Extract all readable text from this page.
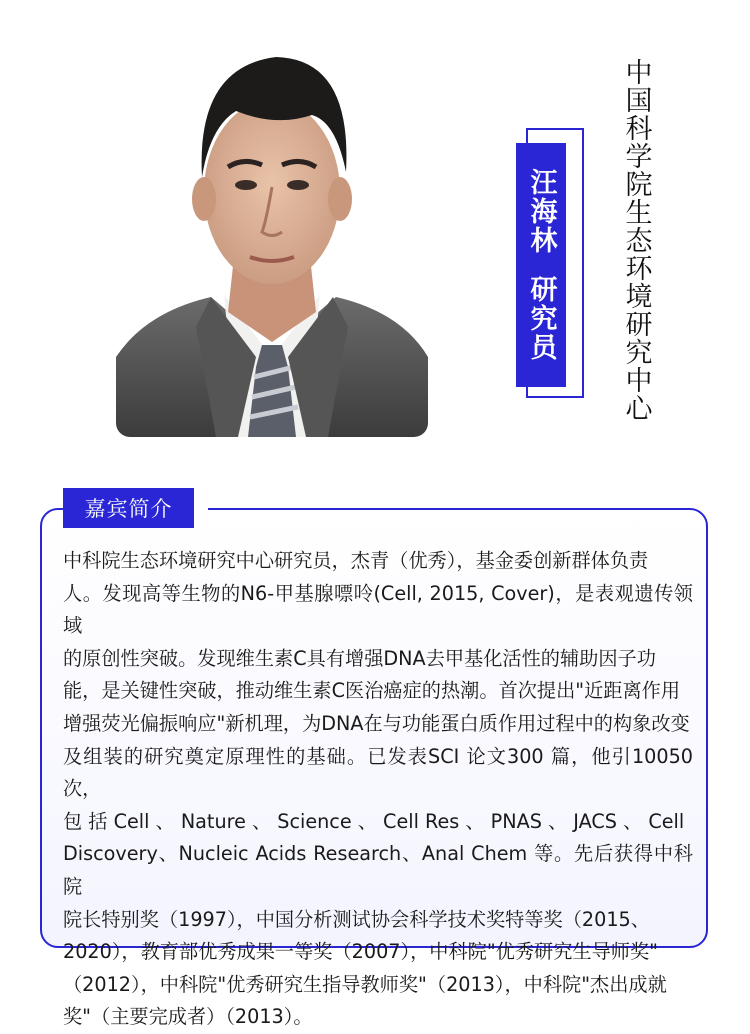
汪海林
研究员 中国科学院生态环境研究中心
嘉宾简介

中科院生态环境研究中心研究员，杰青（优秀），基金委创新群体负责

人。发现高等生物的N6-甲基腺嘌呤(Cell, 2015, Cover)，是表观遗传领域

的原创性突破。发现维生素C具有增强DNA去甲基化活性的辅助因子功

能，是关键性突破，推动维生素C医治癌症的热潮。首次提出"近距离作用

增强荧光偏振响应"新机理，为DNA在与功能蛋白质作用过程中的构象改变

及组装的研究奠定原理性的基础。已发表SCI 论文300 篇，他引10050次，

包 括 Cell 、 Nature 、 Science 、 Cell Res 、 PNAS 、 JACS 、 Cell

Discovery、Nucleic Acids Research、Anal Chem 等。先后获得中科院

院长特别奖（1997），中国分析测试协会科学技术奖特等奖（2015、

2020），教育部优秀成果一等奖（2007），中科院"优秀研究生导师奖"

（2012），中科院"优秀研究生指导教师奖"（2013），中科院"杰出成就

奖"（主要完成者）（2013）。
